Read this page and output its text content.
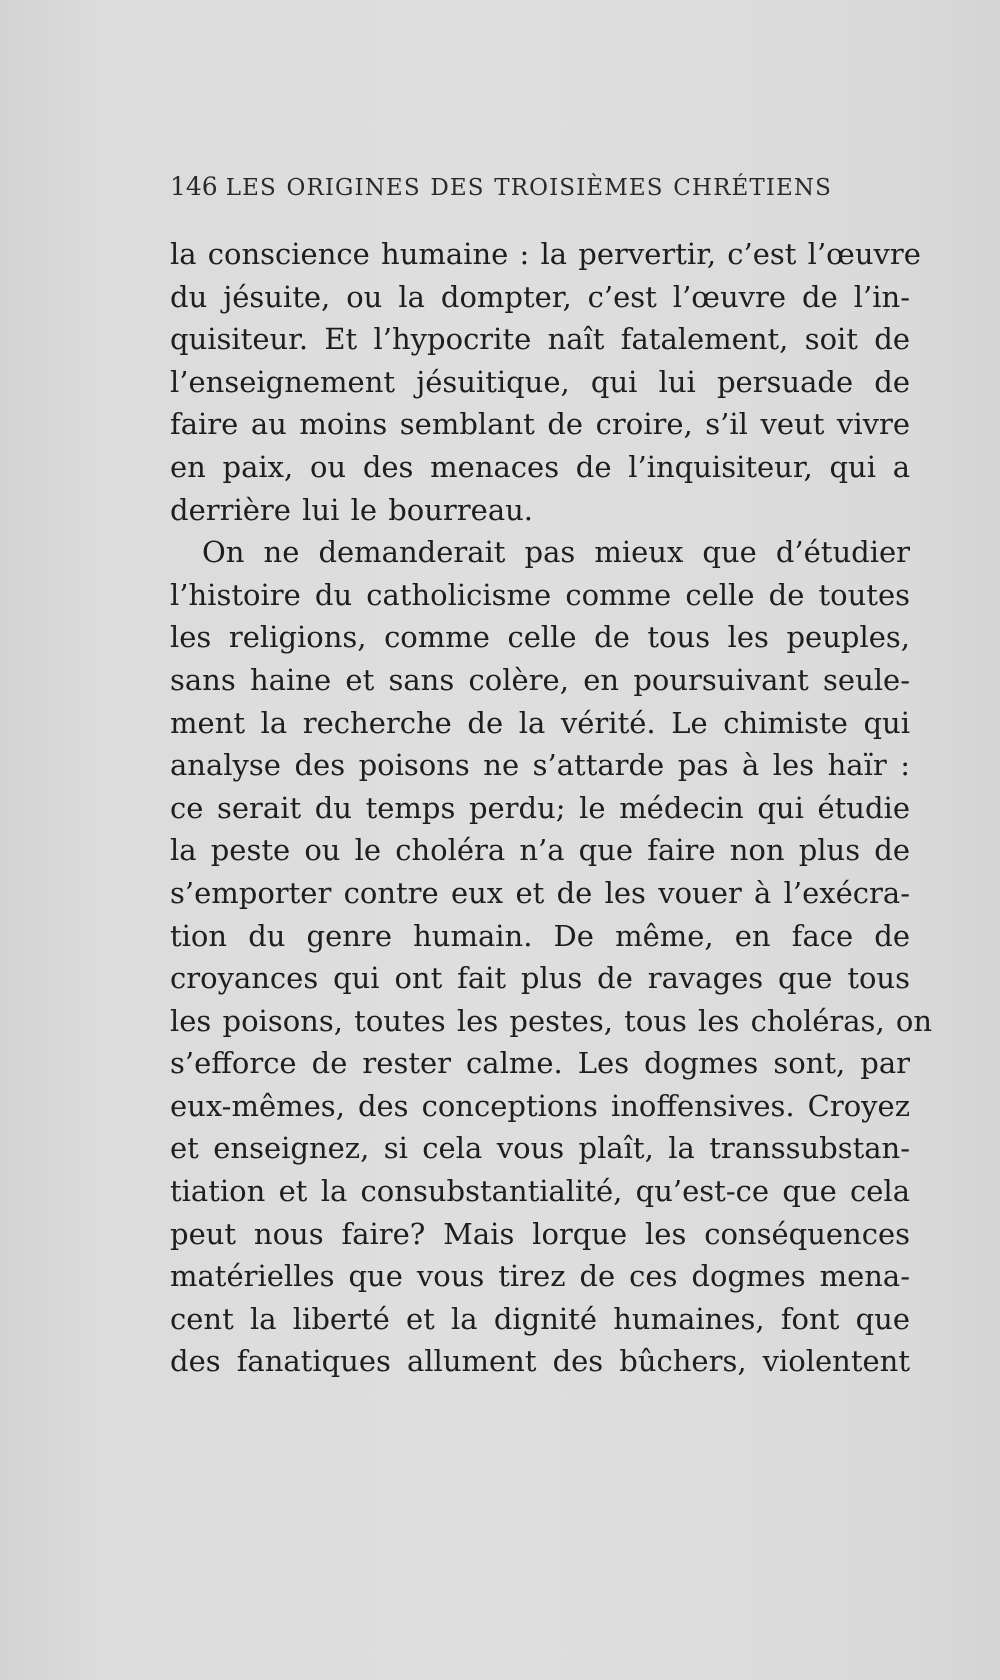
146 LES ORIGINES DES TROISIÈMES CHRÉTIENS
la conscience humaine : la pervertir, c’est l’œuvre
du jésuite, ou la dompter, c’est l’œuvre de l’in-
quisiteur. Et l’hypocrite naît fatalement, soit de
l’enseignement jésuitique, qui lui persuade de
faire au moins semblant de croire, s’il veut vivre
en paix, ou des menaces de l’inquisiteur, qui a
derrière lui le bourreau.
On ne demanderait pas mieux que d’étudier
l’histoire du catholicisme comme celle de toutes
les religions, comme celle de tous les peuples,
sans haine et sans colère, en poursuivant seule-
ment la recherche de la vérité. Le chimiste qui
analyse des poisons ne s’attarde pas à les haïr :
ce serait du temps perdu; le médecin qui étudie
la peste ou le choléra n’a que faire non plus de
s’emporter contre eux et de les vouer à l’exécra-
tion du genre humain. De même, en face de
croyances qui ont fait plus de ravages que tous
les poisons, toutes les pestes, tous les choléras, on
s’efforce de rester calme. Les dogmes sont, par
eux-mêmes, des conceptions inoffensives. Croyez
et enseignez, si cela vous plaît, la transsubstan-
tiation et la consubstantialité, qu’est-ce que cela
peut nous faire? Mais lorque les conséquences
matérielles que vous tirez de ces dogmes mena-
cent la liberté et la dignité humaines, font que
des fanatiques allument des bûchers, violentent
